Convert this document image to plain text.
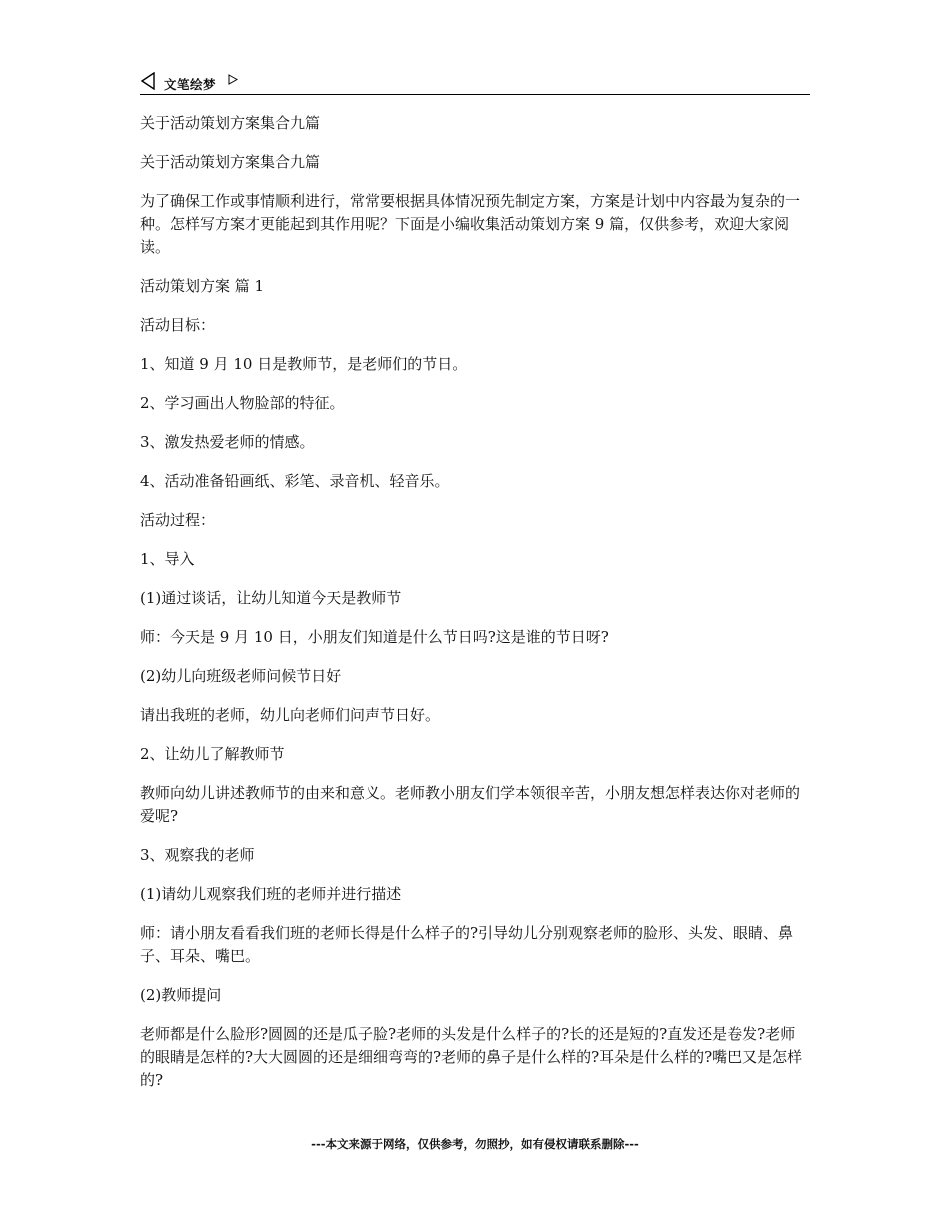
文笔绘梦

关于活动策划方案集合九篇

关于活动策划方案集合九篇

为了确保工作或事情顺利进行，常常要根据具体情况预先制定方案，方案是计划中内容最为复杂的一种。怎样写方案才更能起到其作用呢？下面是小编收集活动策划方案 9 篇，仅供参考，欢迎大家阅读。

活动策划方案 篇 1

活动目标：

1、知道 9 月 10 日是教师节，是老师们的节日。

2、学习画出人物脸部的特征。

3、激发热爱老师的情感。

4、活动准备铅画纸、彩笔、录音机、轻音乐。

活动过程：

1、导入

(1)通过谈话，让幼儿知道今天是教师节

师：今天是 9 月 10 日，小朋友们知道是什么节日吗?这是谁的节日呀?

(2)幼儿向班级老师问候节日好

请出我班的老师，幼儿向老师们问声节日好。

2、让幼儿了解教师节

教师向幼儿讲述教师节的由来和意义。老师教小朋友们学本领很辛苦，小朋友想怎样表达你对老师的爱呢?

3、观察我的老师

(1)请幼儿观察我们班的老师并进行描述

师：请小朋友看看我们班的老师长得是什么样子的?引导幼儿分别观察老师的脸形、头发、眼睛、鼻子、耳朵、嘴巴。

(2)教师提问

老师都是什么脸形?圆圆的还是瓜子脸?老师的头发是什么样子的?长的还是短的?直发还是卷发?老师的眼睛是怎样的?大大圆圆的还是细细弯弯的?老师的鼻子是什么样的?耳朵是什么样的?嘴巴又是怎样的?

---本文来源于网络，仅供参考，勿照抄，如有侵权请联系删除---
